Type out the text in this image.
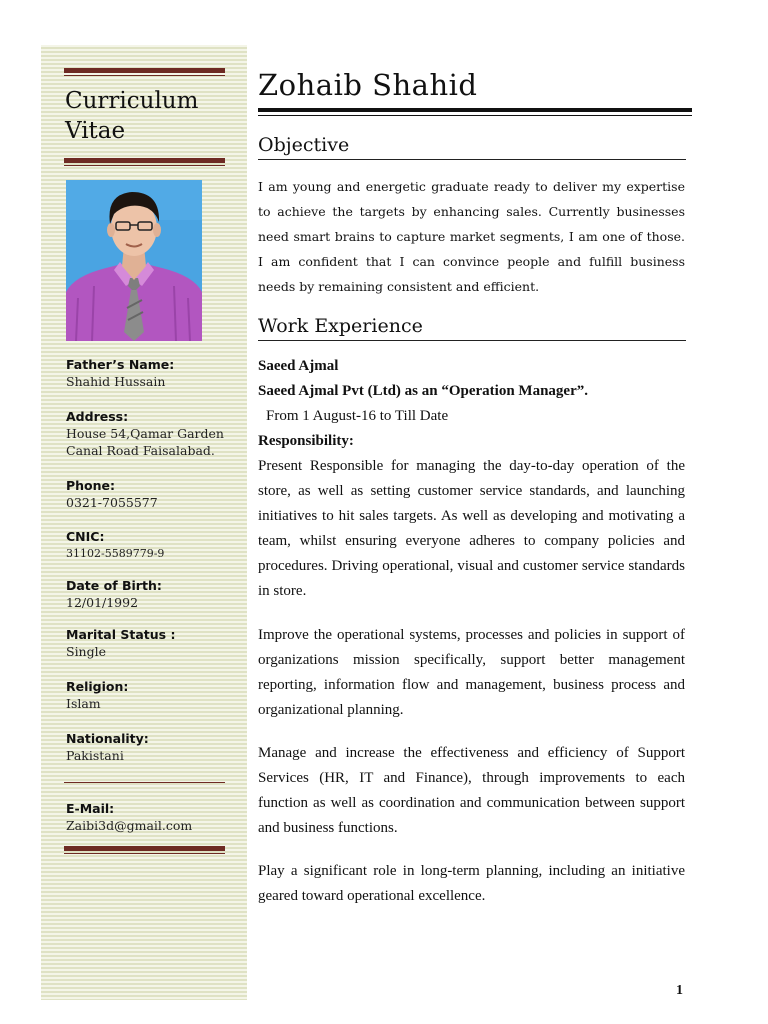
Curriculum
Vitae
Father’s Name:
Shahid Hussain
Address:
House 54,Qamar Garden
Canal Road Faisalabad.
Phone:
0321-7055577
CNIC:
31102-5589779-9
Date of Birth:
12/01/1992
Marital Status :
Single
Religion:
Islam
Nationality:
Pakistani
E-Mail:
Zaibi3d@gmail.com
Zohaib Shahid
Objective
I am young and energetic graduate ready to deliver my expertise to achieve the targets by enhancing sales. Currently businesses need smart brains to capture market segments, I am one of those. I am confident that I can convince people and fulfill business needs by remaining consistent and efficient.
Work Experience
Saeed Ajmal
Saeed Ajmal Pvt (Ltd) as an “Operation Manager”.
From 1 August-16 to Till Date
Responsibility:
Present Responsible for managing the day-to-day operation of the store, as well as setting customer service standards, and launching initiatives to hit sales targets. As well as developing and motivating a team, whilst ensuring everyone adheres to company policies and procedures. Driving operational, visual and customer service standards in store.
Improve the operational systems, processes and policies in support of organizations mission specifically, support better management reporting, information flow and management, business process and organizational planning.
Manage and increase the effectiveness and efficiency of Support Services (HR, IT and Finance), through improvements to each function as well as coordination and communication between support and business functions.
Play a significant role in long-term planning, including an initiative geared toward operational excellence.
1
